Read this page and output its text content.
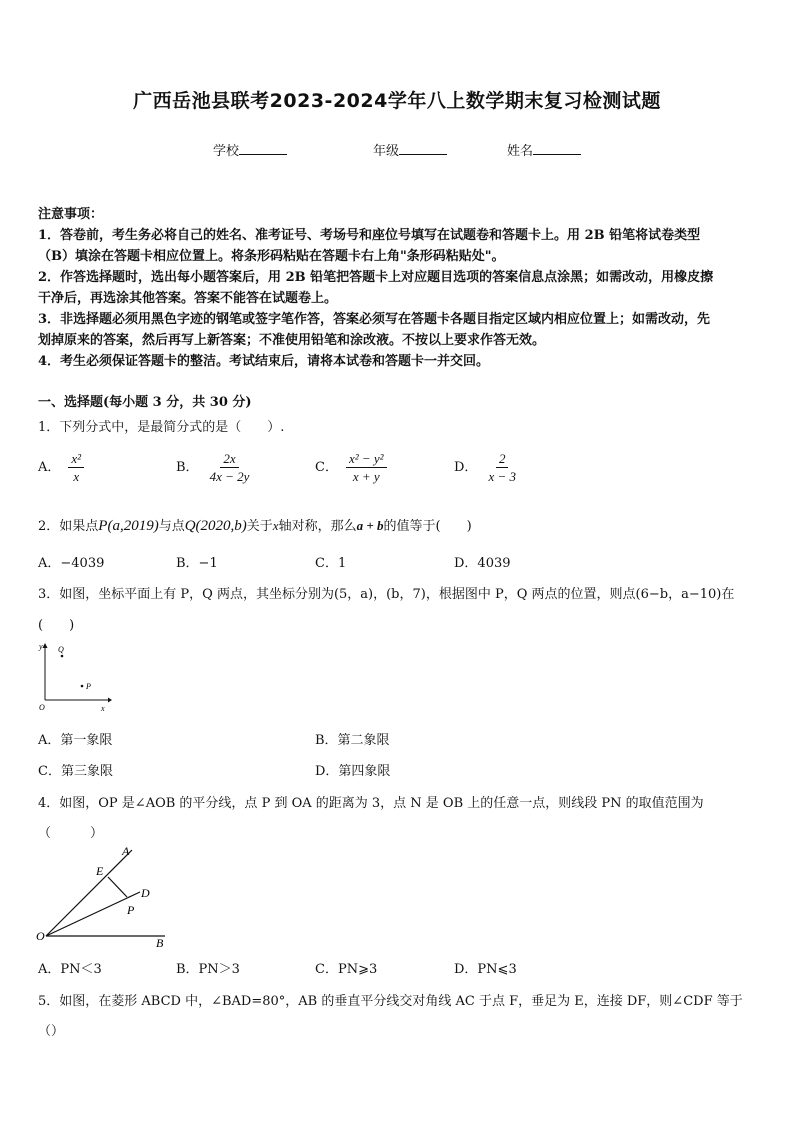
广西岳池县联考2023-2024学年八上数学期末复习检测试题
学校	年级	姓名
注意事项：
1．答卷前，考生务必将自己的姓名、准考证号、考场号和座位号填写在试题卷和答题卡上。用 2B 铅笔将试卷类型
（B）填涂在答题卡相应位置上。将条形码粘贴在答题卡右上角"条形码粘贴处"。
2．作答选择题时，选出每小题答案后，用 2B 铅笔把答题卡上对应题目选项的答案信息点涂黑；如需改动，用橡皮擦
干净后，再选涂其他答案。答案不能答在试题卷上。
3．非选择题必须用黑色字迹的钢笔或签字笔作答，答案必须写在答题卡各题目指定区域内相应位置上；如需改动，先
划掉原来的答案，然后再写上新答案；不准使用铅笔和涂改液。不按以上要求作答无效。
4．考生必须保证答题卡的整洁。考试结束后，请将本试卷和答题卡一并交回。
一、选择题(每小题 3 分，共 30 分)
1．下列分式中，是最简分式的是（　　）.
A． $\frac{\text{x²}}{x}$	B． $\frac{2x}{4x - 2y}$	C． $\frac{\text{x² − y²}}{x + y}$	D． $\frac{2}{x - 3}$
2．如果点P(a,2019)与点Q(2020,b)关于x轴对称，那么a + b的值等于(　　)
A．−4039	B．−1	C．1	D．4039
3．如图，坐标平面上有 P，Q 两点，其坐标分别为(5，a)，(b，7)，根据图中 P，Q 两点的位置，则点(6−b，a−10)在
(　　)
y
x
O
Q
P
A．第一象限	B．第二象限
C．第三象限	D．第四象限
4．如图，OP 是∠AOB 的平分线，点 P 到 OA 的距离为 3，点 N 是 OB 上的任意一点，则线段 PN 的取值范围为
（　　　）
A
E
D
P
O	B
A．PN＜3	B．PN＞3	C．PN⩾3	D．PN⩽3
5．如图，在菱形 ABCD 中，∠BAD=80°，AB 的垂直平分线交对角线 AC 于点 F，垂足为 E，连接 DF，则∠CDF 等于
（）
